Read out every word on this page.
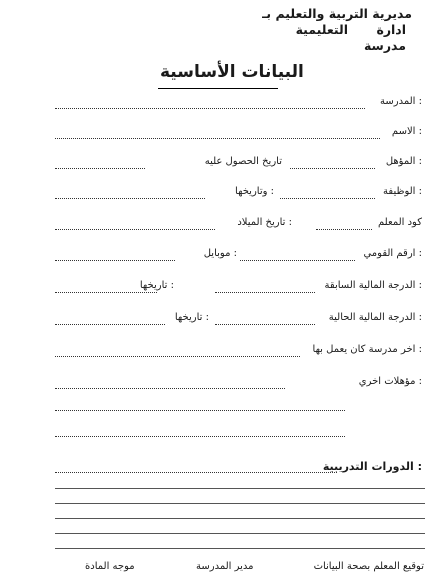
مديرية التربية والتعليم بـ
ادارة
التعليمية
مدرسة
البيانات الأساسية
المدرسة :
الاسم :
المؤهل :
تاريخ الحصول عليه
الوظيفة :
وتاريخها :
كود المعلم
تاريخ الميلاد :
ارقم القومي :
موبايل :
الدرجة المالية السابقة :
تاريخها :
الدرجة المالية الحالية :
تاريخها :
اخر مدرسة كان يعمل بها :
مؤهلات اخري :
الدورات التدريبية :
توقيع المعلم بصحة البيانات
مدير المدرسة
موجه المادة
